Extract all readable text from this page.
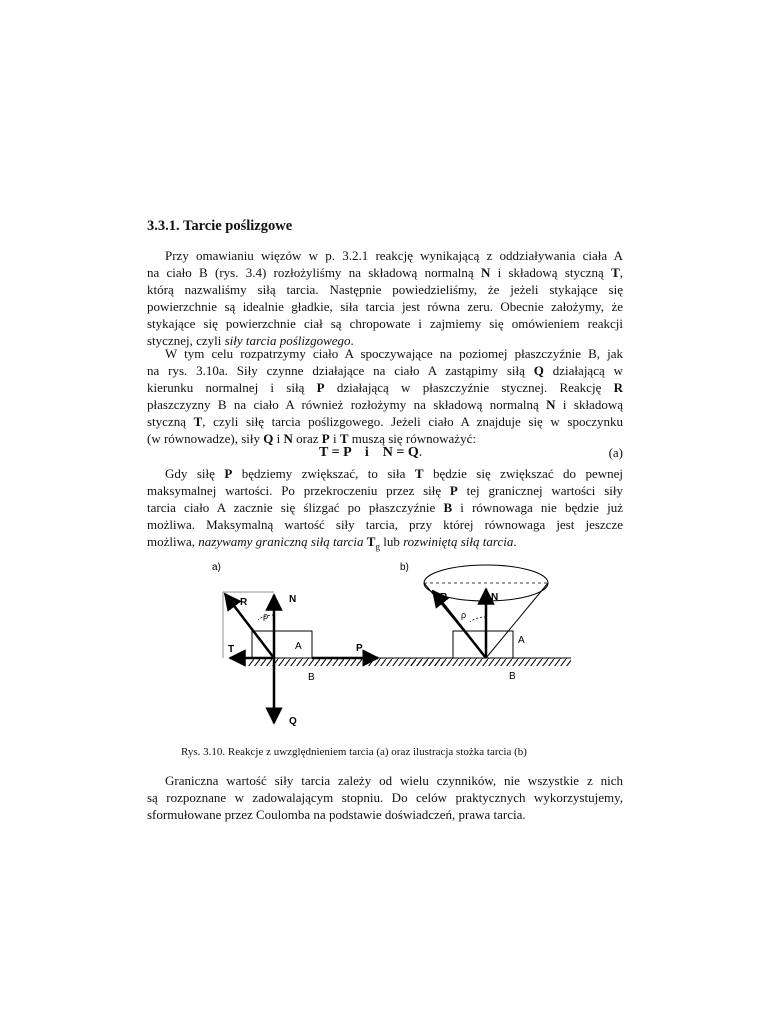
3.3.1. Tarcie poślizgowe
Przy omawianiu więzów w p. 3.2.1 reakcję wynikającą z oddziaływania ciała A
na ciało B (rys. 3.4) rozłożyliśmy na składową normalną N i składową styczną T,
którą nazwaliśmy siłą tarcia. Następnie powiedzieliśmy, że jeżeli stykające się
powierzchnie są idealnie gładkie, siła tarcia jest równa zeru. Obecnie założymy, że
stykające się powierzchnie ciał są chropowate i zajmiemy się omówieniem reakcji
stycznej, czyli siły tarcia poślizgowego.
W tym celu rozpatrzymy ciało A spoczywające na poziomej płaszczyźnie B, jak
na rys. 3.10a. Siły czynne działające na ciało A zastąpimy siłą Q działającą w
kierunku normalnej i siłą P działającą w płaszczyźnie stycznej. Reakcję R
płaszczyzny B na ciało A również rozłożymy na składową normalną N i składową
styczną T, czyli siłę tarcia poślizgowego. Jeżeli ciało A znajduje się w spoczynku
(w równowadze), siły Q i N oraz P i T muszą się równoważyć:
T = P    i    N = Q.	(a)
Gdy siłę P będziemy zwiększać, to siła T będzie się zwiększać do pewnej
maksymalnej wartości. Po przekroczeniu przez siłę P tej granicznej wartości siły
tarcia ciało A zacznie się ślizgać po płaszczyźnie B i równowaga nie będzie już
możliwa. Maksymalną wartość siły tarcia, przy której równowaga jest jeszcze
możliwa, nazywamy graniczną siłą tarcia $T_g$ lub rozwiniętą siłą tarcia.
Rys. 3.10. Reakcje z uwzględnieniem tarcia (a) oraz ilustracja stożka tarcia (b)
Graniczna wartość siły tarcia zależy od wielu czynników, nie wszystkie z nich
są rozpoznane w zadowalającym stopniu. Do celów praktycznych wykorzystujemy,
sformułowane przez Coulomba na podstawie doświadczeń, prawa tarcia.
a)
R	N
ρ
A
T	P
B
Q
b)
R	N
ρ
A
B
